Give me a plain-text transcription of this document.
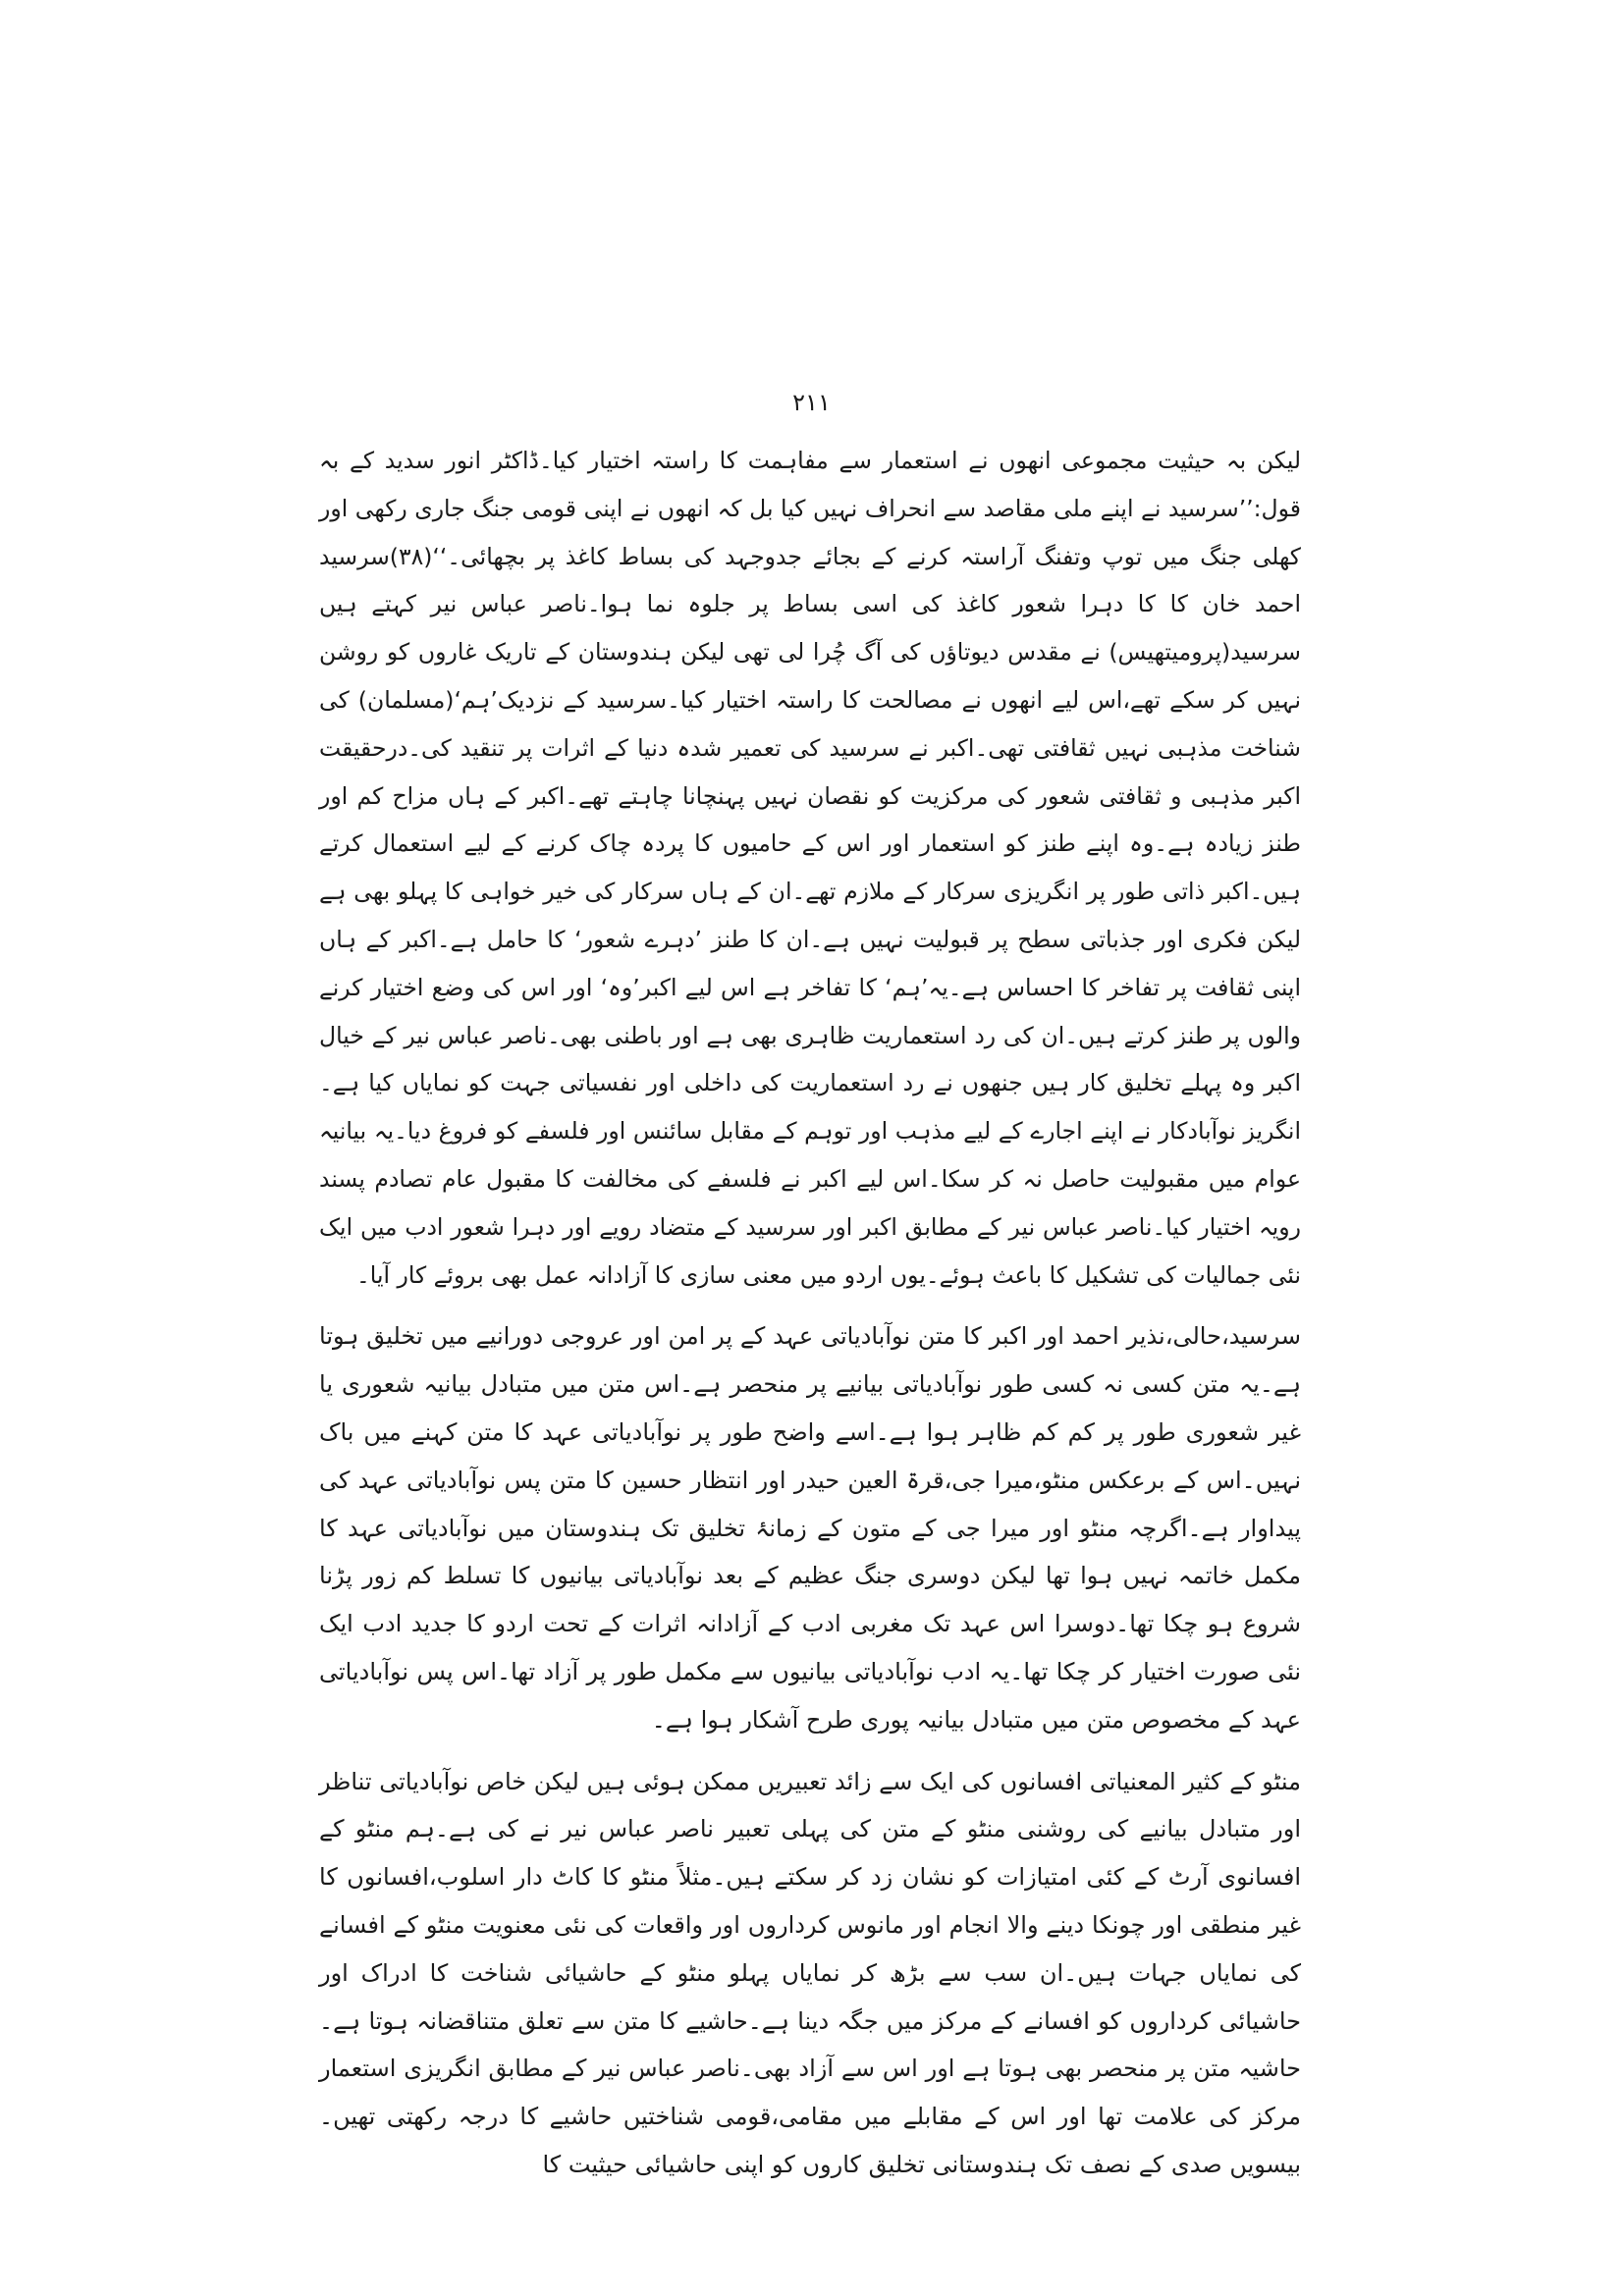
۲۱۱

لیکن بہ حیثیت مجموعی انھوں نے استعمار سے مفاہمت کا راستہ اختیار کیا۔ڈاکٹر انور سدید کے بہ قول:’’سرسید نے اپنے ملی مقاصد سے انحراف نہیں کیا بل کہ انھوں نے اپنی قومی جنگ جاری رکھی اور کھلی جنگ میں توپ وتفنگ آراستہ کرنے کے بجائے جدوجہد کی بساط کاغذ پر بچھائی۔‘‘(۳۸)سرسید احمد خان کا کا دہرا شعور کاغذ کی اسی بساط پر جلوہ نما ہوا۔ناصر عباس نیر کہتے ہیں سرسید(پرومیتھیس) نے مقدس دیوتاؤں کی آگ چُرا لی تھی لیکن ہندوستان کے تاریک غاروں کو روشن نہیں کر سکے تھے،اس لیے انھوں نے مصالحت کا راستہ اختیار کیا۔سرسید کے نزدیک’ہم‘(مسلمان) کی شناخت مذہبی نہیں ثقافتی تھی۔اکبر نے سرسید کی تعمیر شدہ دنیا کے اثرات پر تنقید کی۔درحقیقت اکبر مذہبی و ثقافتی شعور کی مرکزیت کو نقصان نہیں پہنچانا چاہتے تھے۔اکبر کے ہاں مزاح کم اور طنز زیادہ ہے۔وہ اپنے طنز کو استعمار اور اس کے حامیوں کا پردہ چاک کرنے کے لیے استعمال کرتے ہیں۔اکبر ذاتی طور پر انگریزی سرکار کے ملازم تھے۔ان کے ہاں سرکار کی خیر خواہی کا پہلو بھی ہے لیکن فکری اور جذباتی سطح پر قبولیت نہیں ہے۔ان کا طنز ’دہرے شعور‘ کا حامل ہے۔اکبر کے ہاں اپنی ثقافت پر تفاخر کا احساس ہے۔یہ’ہم‘ کا تفاخر ہے اس لیے اکبر’وہ‘ اور اس کی وضع اختیار کرنے والوں پر طنز کرتے ہیں۔ان کی رد استعماریت ظاہری بھی ہے اور باطنی بھی۔ناصر عباس نیر کے خیال اکبر وہ پہلے تخلیق کار ہیں جنھوں نے رد استعماریت کی داخلی اور نفسیاتی جہت کو نمایاں کیا ہے۔انگریز نوآبادکار نے اپنے اجارے کے لیے مذہب اور توہم کے مقابل سائنس اور فلسفے کو فروغ دیا۔یہ بیانیہ عوام میں مقبولیت حاصل نہ کر سکا۔اس لیے اکبر نے فلسفے کی مخالفت کا مقبول عام تصادم پسند رویہ اختیار کیا۔ناصر عباس نیر کے مطابق اکبر اور سرسید کے متضاد رویے اور دہرا شعور ادب میں ایک نئی جمالیات کی تشکیل کا باعث ہوئے۔یوں اردو میں معنی سازی کا آزادانہ عمل بھی بروئے کار آیا۔

سرسید،حالی،نذیر احمد اور اکبر کا متن نوآبادیاتی عہد کے پر امن اور عروجی دورانیے میں تخلیق ہوتا ہے۔یہ متن کسی نہ کسی طور نوآبادیاتی بیانیے پر منحصر ہے۔اس متن میں متبادل بیانیہ شعوری یا غیر شعوری طور پر کم کم ظاہر ہوا ہے۔اسے واضح طور پر نوآبادیاتی عہد کا متن کہنے میں باک نہیں۔اس کے برعکس منٹو،میرا جی،قرۃ العین حیدر اور انتظار حسین کا متن پس نوآبادیاتی عہد کی پیداوار ہے۔اگرچہ منٹو اور میرا جی کے متون کے زمانۂ تخلیق تک ہندوستان میں نوآبادیاتی عہد کا مکمل خاتمہ نہیں ہوا تھا لیکن دوسری جنگ عظیم کے بعد نوآبادیاتی بیانیوں کا تسلط کم زور پڑنا شروع ہو چکا تھا۔دوسرا اس عہد تک مغربی ادب کے آزادانہ اثرات کے تحت اردو کا جدید ادب ایک نئی صورت اختیار کر چکا تھا۔یہ ادب نوآبادیاتی بیانیوں سے مکمل طور پر آزاد تھا۔اس پس نوآبادیاتی عہد کے مخصوص متن میں متبادل بیانیہ پوری طرح آشکار ہوا ہے۔

منٹو کے کثیر المعنیاتی افسانوں کی ایک سے زائد تعبیریں ممکن ہوئی ہیں لیکن خاص نوآبادیاتی تناظر اور متبادل بیانیے کی روشنی منٹو کے متن کی پہلی تعبیر ناصر عباس نیر نے کی ہے۔ہم منٹو کے افسانوی آرٹ کے کئی امتیازات کو نشان زد کر سکتے ہیں۔مثلاً منٹو کا کاٹ دار اسلوب،افسانوں کا غیر منطقی اور چونکا دینے والا انجام اور مانوس کرداروں اور واقعات کی نئی معنویت منٹو کے افسانے کی نمایاں جہات ہیں۔ان سب سے بڑھ کر نمایاں پہلو منٹو کے حاشیائی شناخت کا ادراک اور حاشیائی کرداروں کو افسانے کے مرکز میں جگہ دینا ہے۔حاشیے کا متن سے تعلق متناقضانہ ہوتا ہے۔حاشیہ متن پر منحصر بھی ہوتا ہے اور اس سے آزاد بھی۔ناصر عباس نیر کے مطابق انگریزی استعمار مرکز کی علامت تھا اور اس کے مقابلے میں مقامی،قومی شناختیں حاشیے کا درجہ رکھتی تھیں۔بیسویں صدی کے نصف تک ہندوستانی تخلیق کاروں کو اپنی حاشیائی حیثیت کا
